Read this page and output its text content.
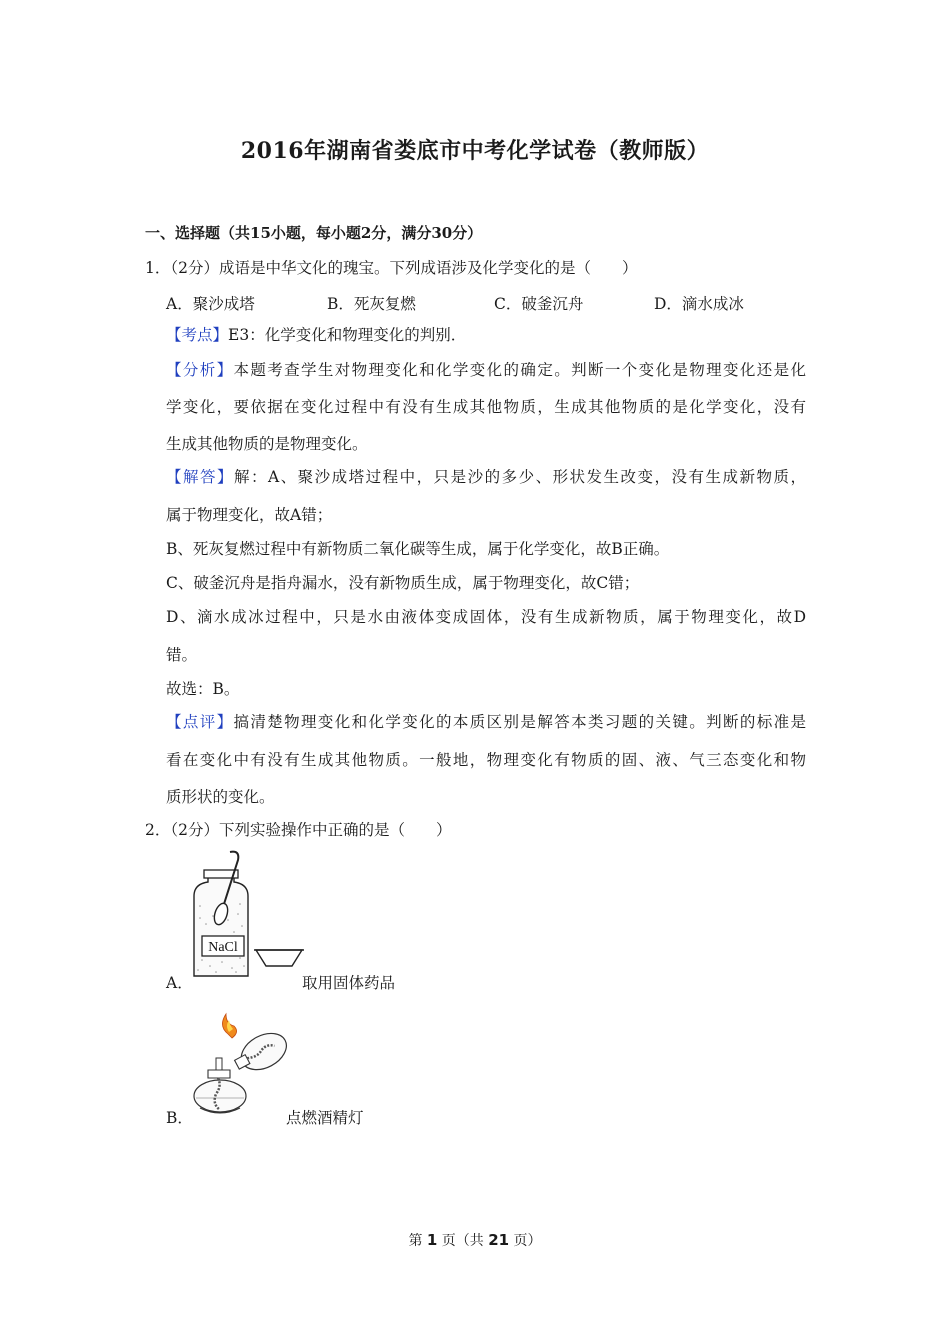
2016年湖南省娄底市中考化学试卷（教师版）
一、选择题（共15小题，每小题2分，满分30分）
1．（2分）成语是中华文化的瑰宝。下列成语涉及化学变化的是（　　）
A．聚沙成塔	B．死灰复燃	C．破釜沉舟	D．滴水成冰
【考点】E3：化学变化和物理变化的判别．
【分析】本题考查学生对物理变化和化学变化的确定。判断一个变化是物理变化还是化
学变化，要依据在变化过程中有没有生成其他物质，生成其他物质的是化学变化，没有
生成其他物质的是物理变化。
【解答】解：A、聚沙成塔过程中，只是沙的多少、形状发生改变，没有生成新物质，
属于物理变化，故A错；
B、死灰复燃过程中有新物质二氧化碳等生成，属于化学变化，故B正确。
C、破釜沉舟是指舟漏水，没有新物质生成，属于物理变化，故C错；
D、滴水成冰过程中，只是水由液体变成固体，没有生成新物质，属于物理变化，故D
错。
故选：B。
【点评】搞清楚物理变化和化学变化的本质区别是解答本类习题的关键。判断的标准是
看在变化中有没有生成其他物质。一般地，物理变化有物质的固、液、气三态变化和物
质形状的变化。
2．（2分）下列实验操作中正确的是（　　）
NaCl
A．	取用固体药品
B．	点燃酒精灯
第 1 页（共 21 页）
